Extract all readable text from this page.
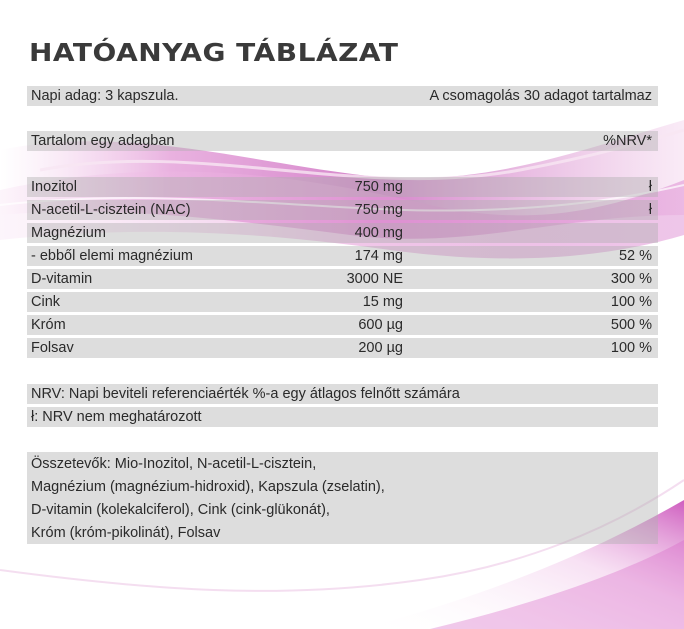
HATÓANYAG TÁBLÁZAT
Napi adag: 3 kapszula.	A csomagolás 30 adagot tartalmaz
Tartalom egy adagban	%NRV*
Inozitol	750 mg	ł
N-acetil-L-cisztein (NAC)	750 mg	ł
Magnézium	400 mg
- ebből elemi magnézium	174 mg	52 %
D-vitamin	3000 NE	300 %
Cink	15 mg	100 %
Króm	600 µg	500 %
Folsav	200 µg	100 %
NRV: Napi beviteli referenciaérték %-a egy átlagos felnőtt számára
ł: NRV nem meghatározott
Összetevők: Mio-Inozitol, N-acetil-L-cisztein,
Magnézium (magnézium-hidroxid), Kapszula (zselatin),
D-vitamin (kolekalciferol), Cink (cink-glükonát),
Króm (króm-pikolinát), Folsav
